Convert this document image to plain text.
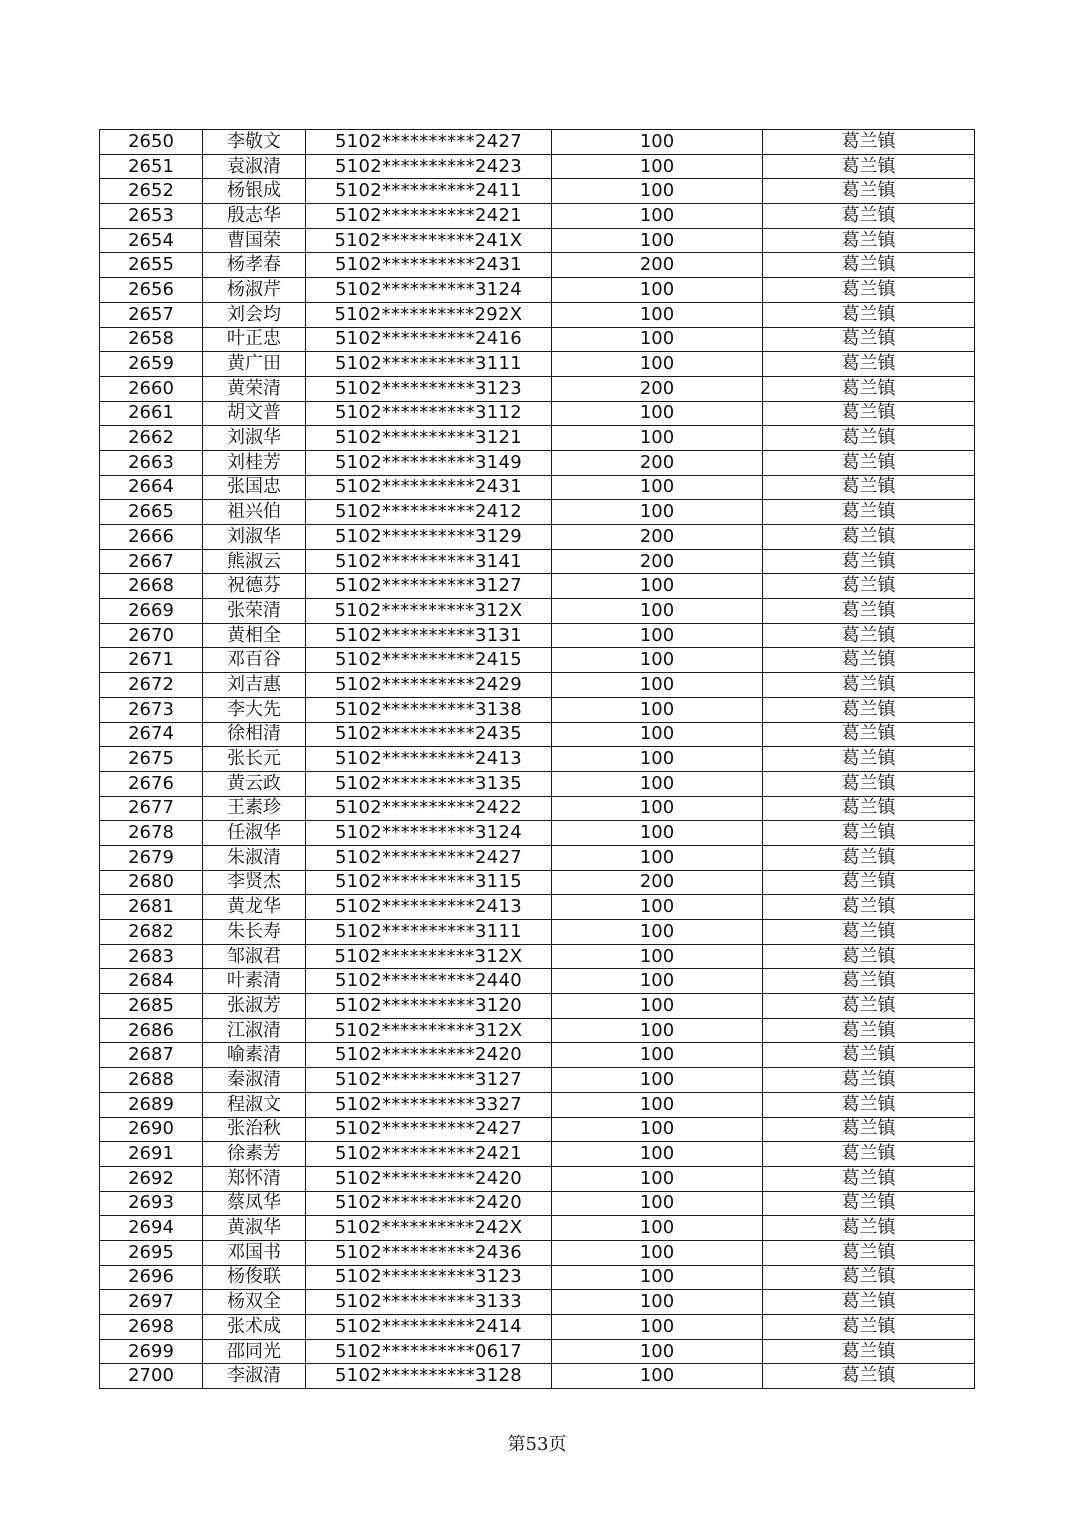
2650	李敬文	5102**********2427	100	葛兰镇
2651	袁淑清	5102**********2423	100	葛兰镇
2652	杨银成	5102**********2411	100	葛兰镇
2653	殷志华	5102**********2421	100	葛兰镇
2654	曹国荣	5102**********241X	100	葛兰镇
2655	杨孝春	5102**********2431	200	葛兰镇
2656	杨淑芹	5102**********3124	100	葛兰镇
2657	刘会均	5102**********292X	100	葛兰镇
2658	叶正忠	5102**********2416	100	葛兰镇
2659	黄广田	5102**********3111	100	葛兰镇
2660	黄荣清	5102**********3123	200	葛兰镇
2661	胡文普	5102**********3112	100	葛兰镇
2662	刘淑华	5102**********3121	100	葛兰镇
2663	刘桂芳	5102**********3149	200	葛兰镇
2664	张国忠	5102**********2431	100	葛兰镇
2665	祖兴伯	5102**********2412	100	葛兰镇
2666	刘淑华	5102**********3129	200	葛兰镇
2667	熊淑云	5102**********3141	200	葛兰镇
2668	祝德芬	5102**********3127	100	葛兰镇
2669	张荣清	5102**********312X	100	葛兰镇
2670	黄相全	5102**********3131	100	葛兰镇
2671	邓百谷	5102**********2415	100	葛兰镇
2672	刘吉惠	5102**********2429	100	葛兰镇
2673	李大先	5102**********3138	100	葛兰镇
2674	徐相清	5102**********2435	100	葛兰镇
2675	张长元	5102**********2413	100	葛兰镇
2676	黄云政	5102**********3135	100	葛兰镇
2677	王素珍	5102**********2422	100	葛兰镇
2678	任淑华	5102**********3124	100	葛兰镇
2679	朱淑清	5102**********2427	100	葛兰镇
2680	李贤杰	5102**********3115	200	葛兰镇
2681	黄龙华	5102**********2413	100	葛兰镇
2682	朱长寿	5102**********3111	100	葛兰镇
2683	邹淑君	5102**********312X	100	葛兰镇
2684	叶素清	5102**********2440	100	葛兰镇
2685	张淑芳	5102**********3120	100	葛兰镇
2686	江淑清	5102**********312X	100	葛兰镇
2687	喻素清	5102**********2420	100	葛兰镇
2688	秦淑清	5102**********3127	100	葛兰镇
2689	程淑文	5102**********3327	100	葛兰镇
2690	张治秋	5102**********2427	100	葛兰镇
2691	徐素芳	5102**********2421	100	葛兰镇
2692	郑怀清	5102**********2420	100	葛兰镇
2693	蔡凤华	5102**********2420	100	葛兰镇
2694	黄淑华	5102**********242X	100	葛兰镇
2695	邓国书	5102**********2436	100	葛兰镇
2696	杨俊联	5102**********3123	100	葛兰镇
2697	杨双全	5102**********3133	100	葛兰镇
2698	张术成	5102**********2414	100	葛兰镇
2699	邵同光	5102**********0617	100	葛兰镇
2700	李淑清	5102**********3128	100	葛兰镇
第53页
